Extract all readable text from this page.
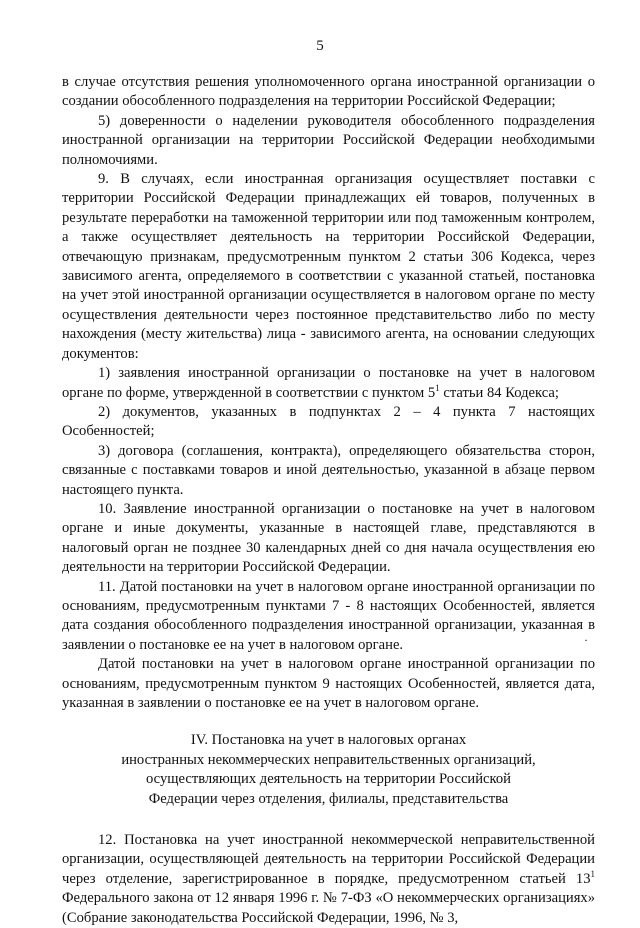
5

в случае отсутствия решения уполномоченного органа иностранной организации о создании обособленного подразделения на территории Российской Федерации;

5) доверенности о наделении руководителя обособленного подразделения иностранной организации на территории Российской Федерации необходимыми полномочиями.

9. В случаях, если иностранная организация осуществляет поставки с территории Российской Федерации принадлежащих ей товаров, полученных в результате переработки на таможенной территории или под таможенным контролем, а также осуществляет деятельность на территории Российской Федерации, отвечающую признакам, предусмотренным пунктом 2 статьи 306 Кодекса, через зависимого агента, определяемого в соответствии с указанной статьей, постановка на учет этой иностранной организации осуществляется в налоговом органе по месту осуществления деятельности через постоянное представительство либо по месту нахождения (месту жительства) лица - зависимого агента, на основании следующих документов:

1) заявления иностранной организации о постановке на учет в налоговом органе по форме, утвержденной в соответствии с пунктом $5^1$ статьи 84 Кодекса;

2) документов, указанных в подпунктах 2 – 4 пункта 7 настоящих Особенностей;

3) договора (соглашения, контракта), определяющего обязательства сторон, связанные с поставками товаров и иной деятельностью, указанной в абзаце первом настоящего пункта.

10. Заявление иностранной организации о постановке на учет в налоговом органе и иные документы, указанные в настоящей главе, представляются в налоговый орган не позднее 30 календарных дней со дня начала осуществления ею деятельности на территории Российской Федерации.

11. Датой постановки на учет в налоговом органе иностранной организации по основаниям, предусмотренным пунктами 7 - 8 настоящих Особенностей, является дата создания обособленного подразделения иностранной организации, указанная в заявлении о постановке ее на учет в налоговом органе.

Датой постановки на учет в налоговом органе иностранной организации по основаниям, предусмотренным пунктом 9 настоящих Особенностей, является дата, указанная в заявлении о постановке ее на учет в налоговом органе.

IV. Постановка на учет в налоговых органах
иностранных некоммерческих неправительственных организаций,
осуществляющих деятельность на территории Российской
Федерации через отделения, филиалы, представительства

12. Постановка на учет иностранной некоммерческой неправительственной организации, осуществляющей деятельность на территории Российской Федерации через отделение, зарегистрированное в порядке, предусмотренном статьей $13^1$ Федерального закона от 12 января 1996 г. № 7-ФЗ «О некоммерческих организациях» (Собрание законодательства Российской Федерации, 1996, № 3,

·
